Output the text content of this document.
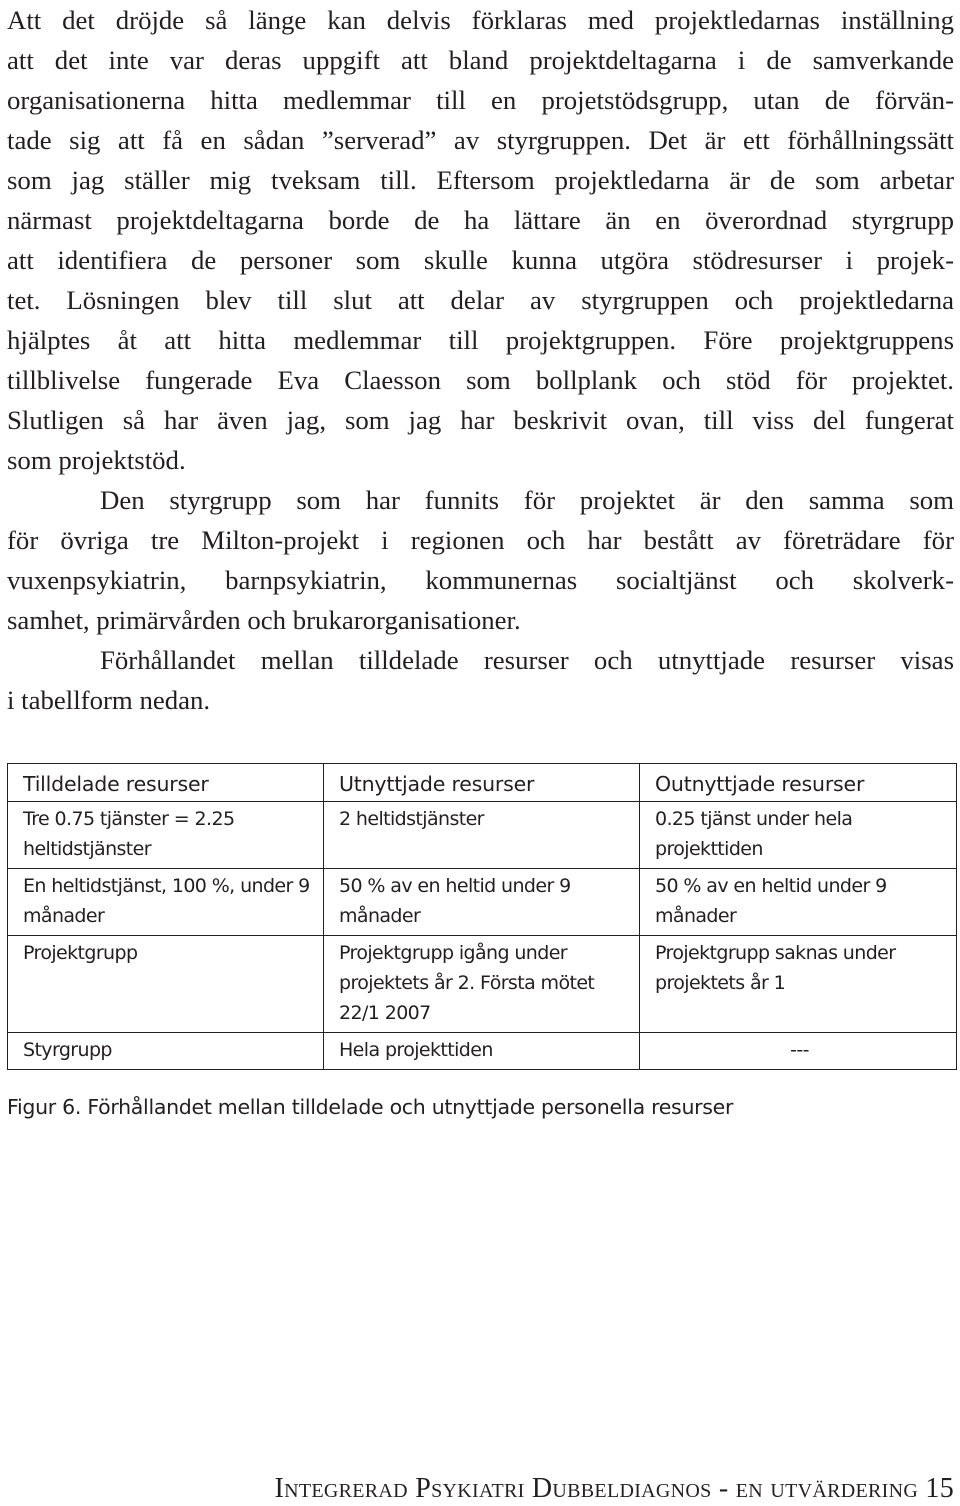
Att det dröjde så länge kan delvis förklaras med projektledarnas inställning
att det inte var deras uppgift att bland projektdeltagarna i de samverkande
organisationerna hitta medlemmar till en projetstödsgrupp, utan de förvän-
tade sig att få en sådan ”serverad” av styrgruppen. Det är ett förhållningssätt
som jag ställer mig tveksam till. Eftersom projektledarna är de som arbetar
närmast projektdeltagarna borde de ha lättare än en överordnad styrgrupp
att identifiera de personer som skulle kunna utgöra stödresurser i projek-
tet. Lösningen blev till slut att delar av styrgruppen och projektledarna
hjälptes åt att hitta medlemmar till projektgruppen. Före projektgruppens
tillblivelse fungerade Eva Claesson som bollplank och stöd för projektet.
Slutligen så har även jag, som jag har beskrivit ovan, till viss del fungerat
som projektstöd.

Den styrgrupp som har funnits för projektet är den samma som
för övriga tre Milton-projekt i regionen och har bestått av företrädare för
vuxenpsykiatrin, barnpsykiatrin, kommunernas socialtjänst och skolverk-
samhet, primärvården och brukarorganisationer.

Förhållandet mellan tilldelade resurser och utnyttjade resurser visas
i tabellform nedan.

Tilldelade resurser	Utnyttjade resurser	Outnyttjade resurser
Tre 0.75 tjänster = 2.25 heltidstjänster	2 heltidstjänster	0.25 tjänst under hela projekttiden
En heltidstjänst, 100 %, under 9 månader	50 % av en heltid under 9 månader	50 % av en heltid under 9 månader
Projektgrupp	Projektgrupp igång under projektets år 2. Första mötet 22/1 2007	Projektgrupp saknas under projektets år 1
Styrgrupp	Hela projekttiden	---
Figur 6. Förhållandet mellan tilldelade och utnyttjade personella resurser
Integrerad Psykiatri Dubbeldiagnos - en utvärdering 15
